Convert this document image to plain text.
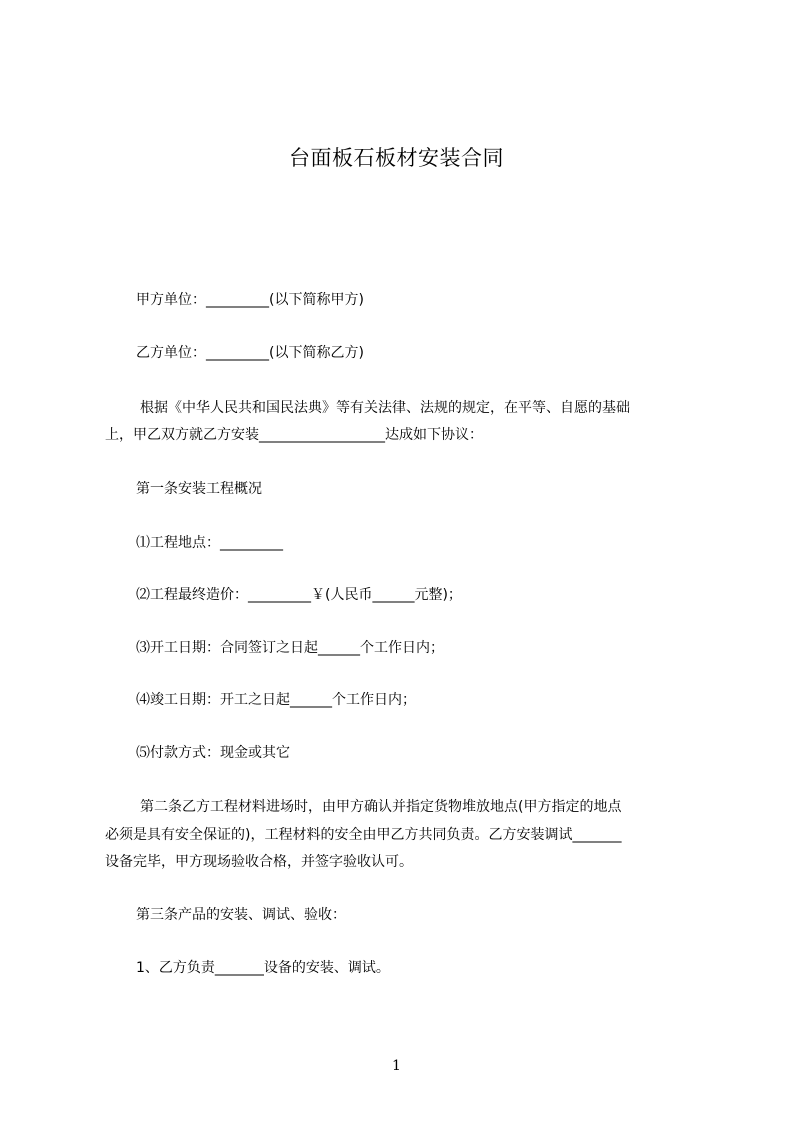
台面板石板材安装合同
甲方单位：_________(以下简称甲方)
乙方单位：_________(以下简称乙方)
根据《中华人民共和国民法典》等有关法律、法规的规定，在平等、自愿的基础
上，甲乙双方就乙方安装__________________达成如下协议：
第一条安装工程概况
⑴工程地点：_________
⑵工程最终造价：_________￥(人民币______元整)；
⑶开工日期：合同签订之日起______个工作日内；
⑷竣工日期：开工之日起______个工作日内；
⑸付款方式：现金或其它
第二条乙方工程材料进场时，由甲方确认并指定货物堆放地点(甲方指定的地点
必须是具有安全保证的)，工程材料的安全由甲乙方共同负责。乙方安装调试_______
设备完毕，甲方现场验收合格，并签字验收认可。
第三条产品的安装、调试、验收：
1、乙方负责_______设备的安装、调试。
1
